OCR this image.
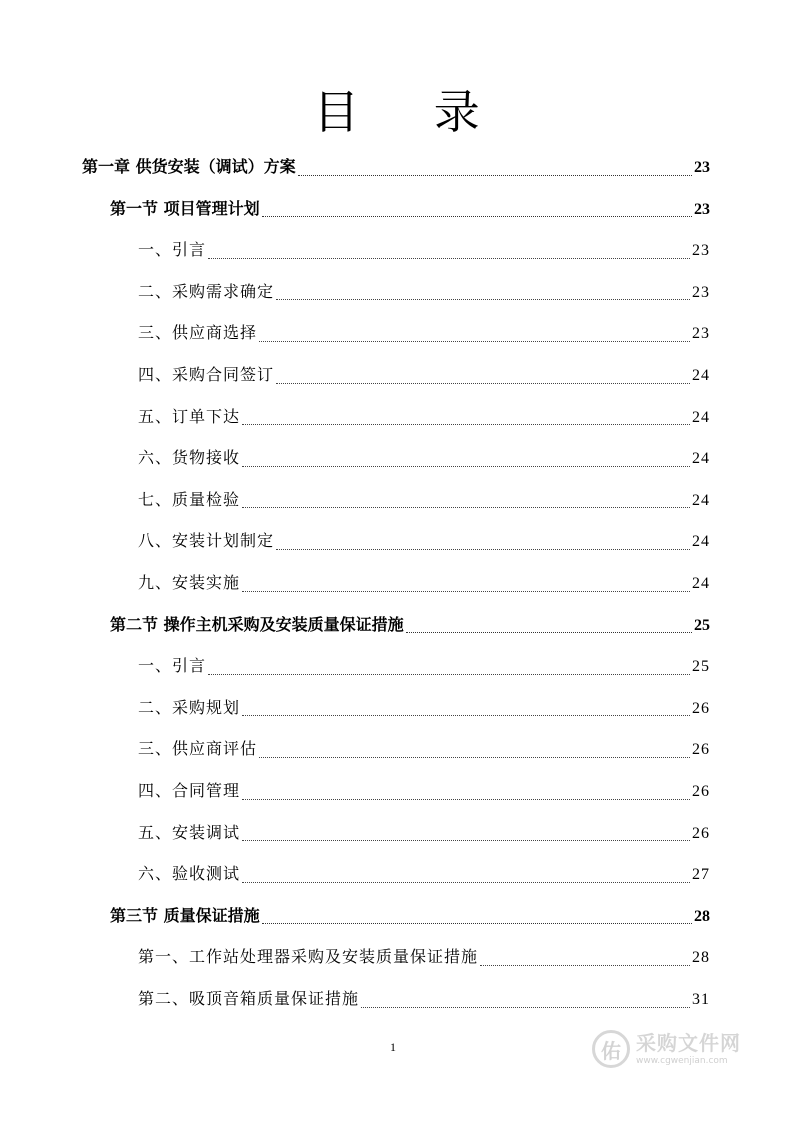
目 录
第一章 供货安装（调试）方案	23
第一节 项目管理计划	23
一、引言	23
二、采购需求确定	23
三、供应商选择	23
四、采购合同签订	24
五、订单下达	24
六、货物接收	24
七、质量检验	24
八、安装计划制定	24
九、安装实施	24
第二节 操作主机采购及安装质量保证措施	25
一、引言	25
二、采购规划	26
三、供应商评估	26
四、合同管理	26
五、安装调试	26
六、验收测试	27
第三节 质量保证措施	28
第一、工作站处理器采购及安装质量保证措施	28
第二、吸顶音箱质量保证措施	31
1	佑 采购文件网
www.cgwenjian.com
